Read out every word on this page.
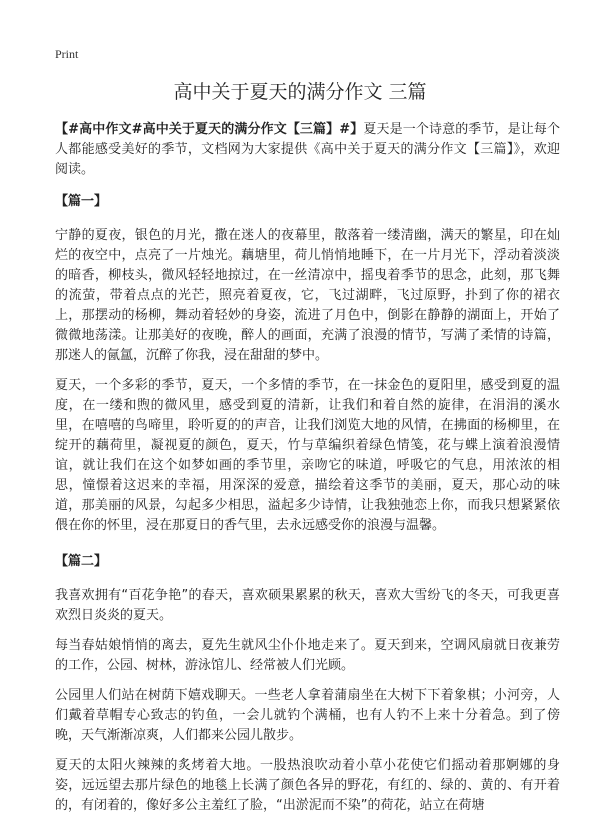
Print
高中关于夏天的满分作文 三篇

【#高中作文#高中关于夏天的满分作文【三篇】#】夏天是一个诗意的季节，是让每个人都能感受美好的季节，文档网为大家提供《高中关于夏天的满分作文【三篇】》，欢迎阅读。

【篇一】

宁静的夏夜，银色的月光，撒在迷人的夜幕里，散落着一缕清幽，满天的繁星，印在灿烂的夜空中，点亮了一片烛光。藕塘里，荷儿悄悄地睡下，在一片月光下，浮动着淡淡的暗香，柳枝头，微风轻轻地掠过，在一丝清凉中，摇曳着季节的思念，此刻，那飞舞的流萤，带着点点的光芒，照亮着夏夜，它，飞过湖畔，飞过原野，扑到了你的裙衣上，那摆动的杨柳，舞动着轻妙的身姿，流进了月色中，倒影在静静的湖面上，开始了微微地荡漾。让那美好的夜晚，醉人的画面，充满了浪漫的情节，写满了柔情的诗篇，那迷人的氤氲，沉醉了你我，浸在甜甜的梦中。

夏天，一个多彩的季节，夏天，一个多情的季节，在一抹金色的夏阳里，感受到夏的温度，在一缕和煦的微风里，感受到夏的清新，让我们和着自然的旋律，在涓涓的溪水里，在嘻嘻的鸟啼里，聆听夏的的声音，让我们浏览大地的风情，在拂面的杨柳里，在绽开的藕荷里，凝视夏的颜色，夏天，竹与草编织着绿色情笺，花与蝶上演着浪漫情谊，就让我们在这个如梦如画的季节里，亲吻它的味道，呼吸它的气息，用浓浓的相思，憧憬着这迟来的幸福，用深深的爱意，描绘着这季节的美丽，夏天，那心动的味道，那美丽的风景，勾起多少相思，溢起多少诗情，让我独弛恋上你，而我只想紧紧依偎在你的怀里，浸在那夏日的香气里，去永远感受你的浪漫与温馨。

【篇二】

我喜欢拥有“百花争艳”的春天，喜欢硕果累累的秋天，喜欢大雪纷飞的冬天，可我更喜欢烈日炎炎的夏天。

每当春姑娘悄悄的离去，夏先生就风尘仆仆地走来了。夏天到来，空调风扇就日夜兼劳的工作，公园、树林，游泳馆儿、经常被人们光顾。

公园里人们站在树荫下嬉戏聊天。一些老人拿着蒲扇坐在大树下下着象棋；小河旁，人们戴着草帽专心致志的钓鱼，一会儿就钓个满桶，也有人钓不上来十分着急。到了傍晚，天气渐渐凉爽，人们都来公园儿散步。

夏天的太阳火辣辣的炙烤着大地。一股热浪吹动着小草小花使它们摇动着那婀娜的身姿，远远望去那片绿色的地毯上长满了颜色各异的野花，有红的、绿的、黄的、有开着的，有闭着的，像好多公主羞红了脸，“出淤泥而不染”的荷花，站立在荷塘
